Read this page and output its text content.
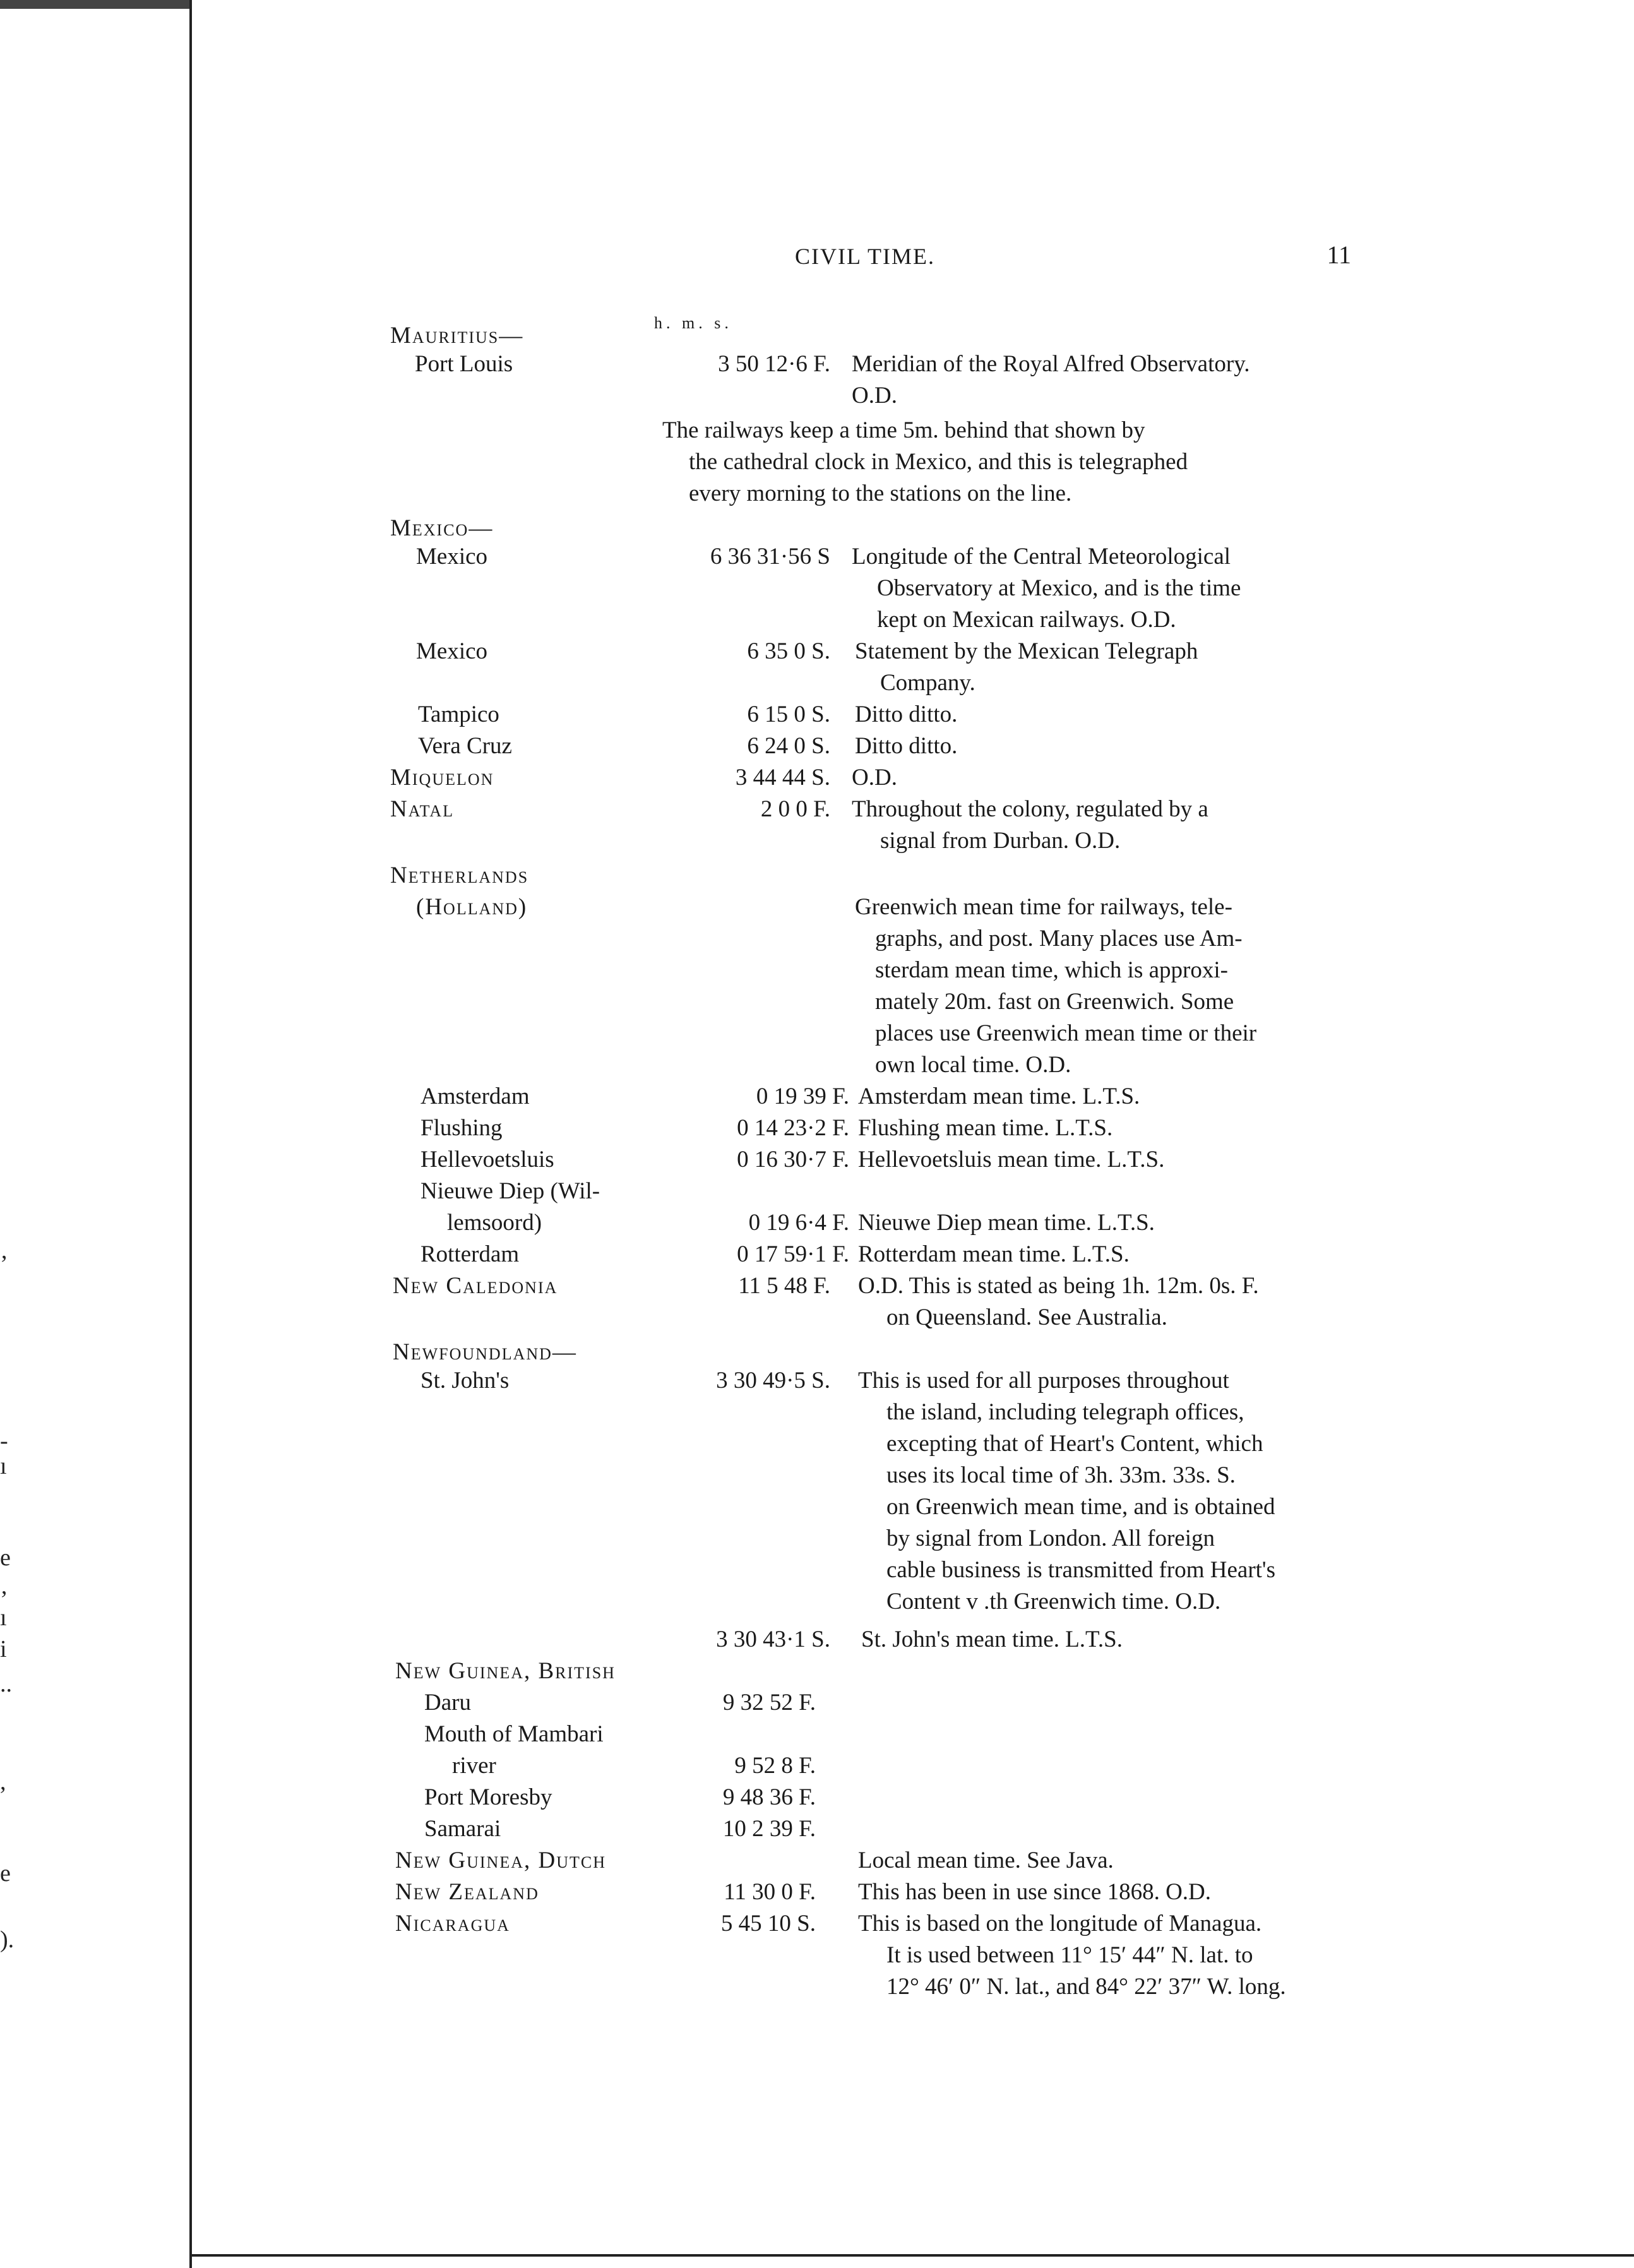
’
-
ı
e
‚
ı
i
..
,
e
).
CIVIL TIME.	11
h. m. s.
Mauritius—
Port Louis	3 50 12·6 F. Meridian of the Royal Alfred Observatory.
O.D.
The railways keep a time 5m. behind that shown by
the cathedral clock in Mexico, and this is telegraphed
every morning to the stations on the line.
Mexico—
Mexico	6 36 31·56 S Longitude of the Central Meteorological
Observatory at Mexico, and is the time
kept on Mexican railways. O.D.
Mexico	6 35 0 S. Statement by the Mexican Telegraph
Company.
Tampico	6 15 0 S. Ditto ditto.
Vera Cruz	6 24 0 S. Ditto ditto.
Miquelon	3 44 44 S. O.D.
Natal	2 0 0 F. Throughout the colony, regulated by a
signal from Durban. O.D.
Netherlands
(Holland)	Greenwich mean time for railways, tele-
graphs, and post. Many places use Am-
sterdam mean time, which is approxi-
mately 20m. fast on Greenwich. Some
places use Greenwich mean time or their
own local time. O.D.
Amsterdam	0 19 39 F. Amsterdam mean time. L.T.S.
Flushing	0 14 23·2 F. Flushing mean time. L.T.S.
Hellevoetsluis	0 16 30·7 F. Hellevoetsluis mean time. L.T.S.
Nieuwe Diep (Wil-
lemsoord)	0 19 6·4 F. Nieuwe Diep mean time. L.T.S.
Rotterdam	0 17 59·1 F. Rotterdam mean time. L.T.S.
New Caledonia	11 5 48 F. O.D. This is stated as being 1h. 12m. 0s. F.
on Queensland. See Australia.
Newfoundland—
St. John's	3 30 49·5 S. This is used for all purposes throughout
the island, including telegraph offices,
excepting that of Heart's Content, which
uses its local time of 3h. 33m. 33s. S.
on Greenwich mean time, and is obtained
by signal from London. All foreign
cable business is transmitted from Heart's
Content v .th Greenwich time. O.D.
3 30 43·1 S. St. John's mean time. L.T.S.
New Guinea, British
Daru	9 32 52 F.
Mouth of Mambari
river	9 52 8 F.
Port Moresby	9 48 36 F.
Samarai	10 2 39 F.
New Guinea, Dutch	Local mean time. See Java.
New Zealand	11 30 0 F. This has been in use since 1868. O.D.
Nicaragua	5 45 10 S. This is based on the longitude of Managua.
It is used between 11° 15′ 44″ N. lat. to
12° 46′ 0″ N. lat., and 84° 22′ 37″ W. long.
